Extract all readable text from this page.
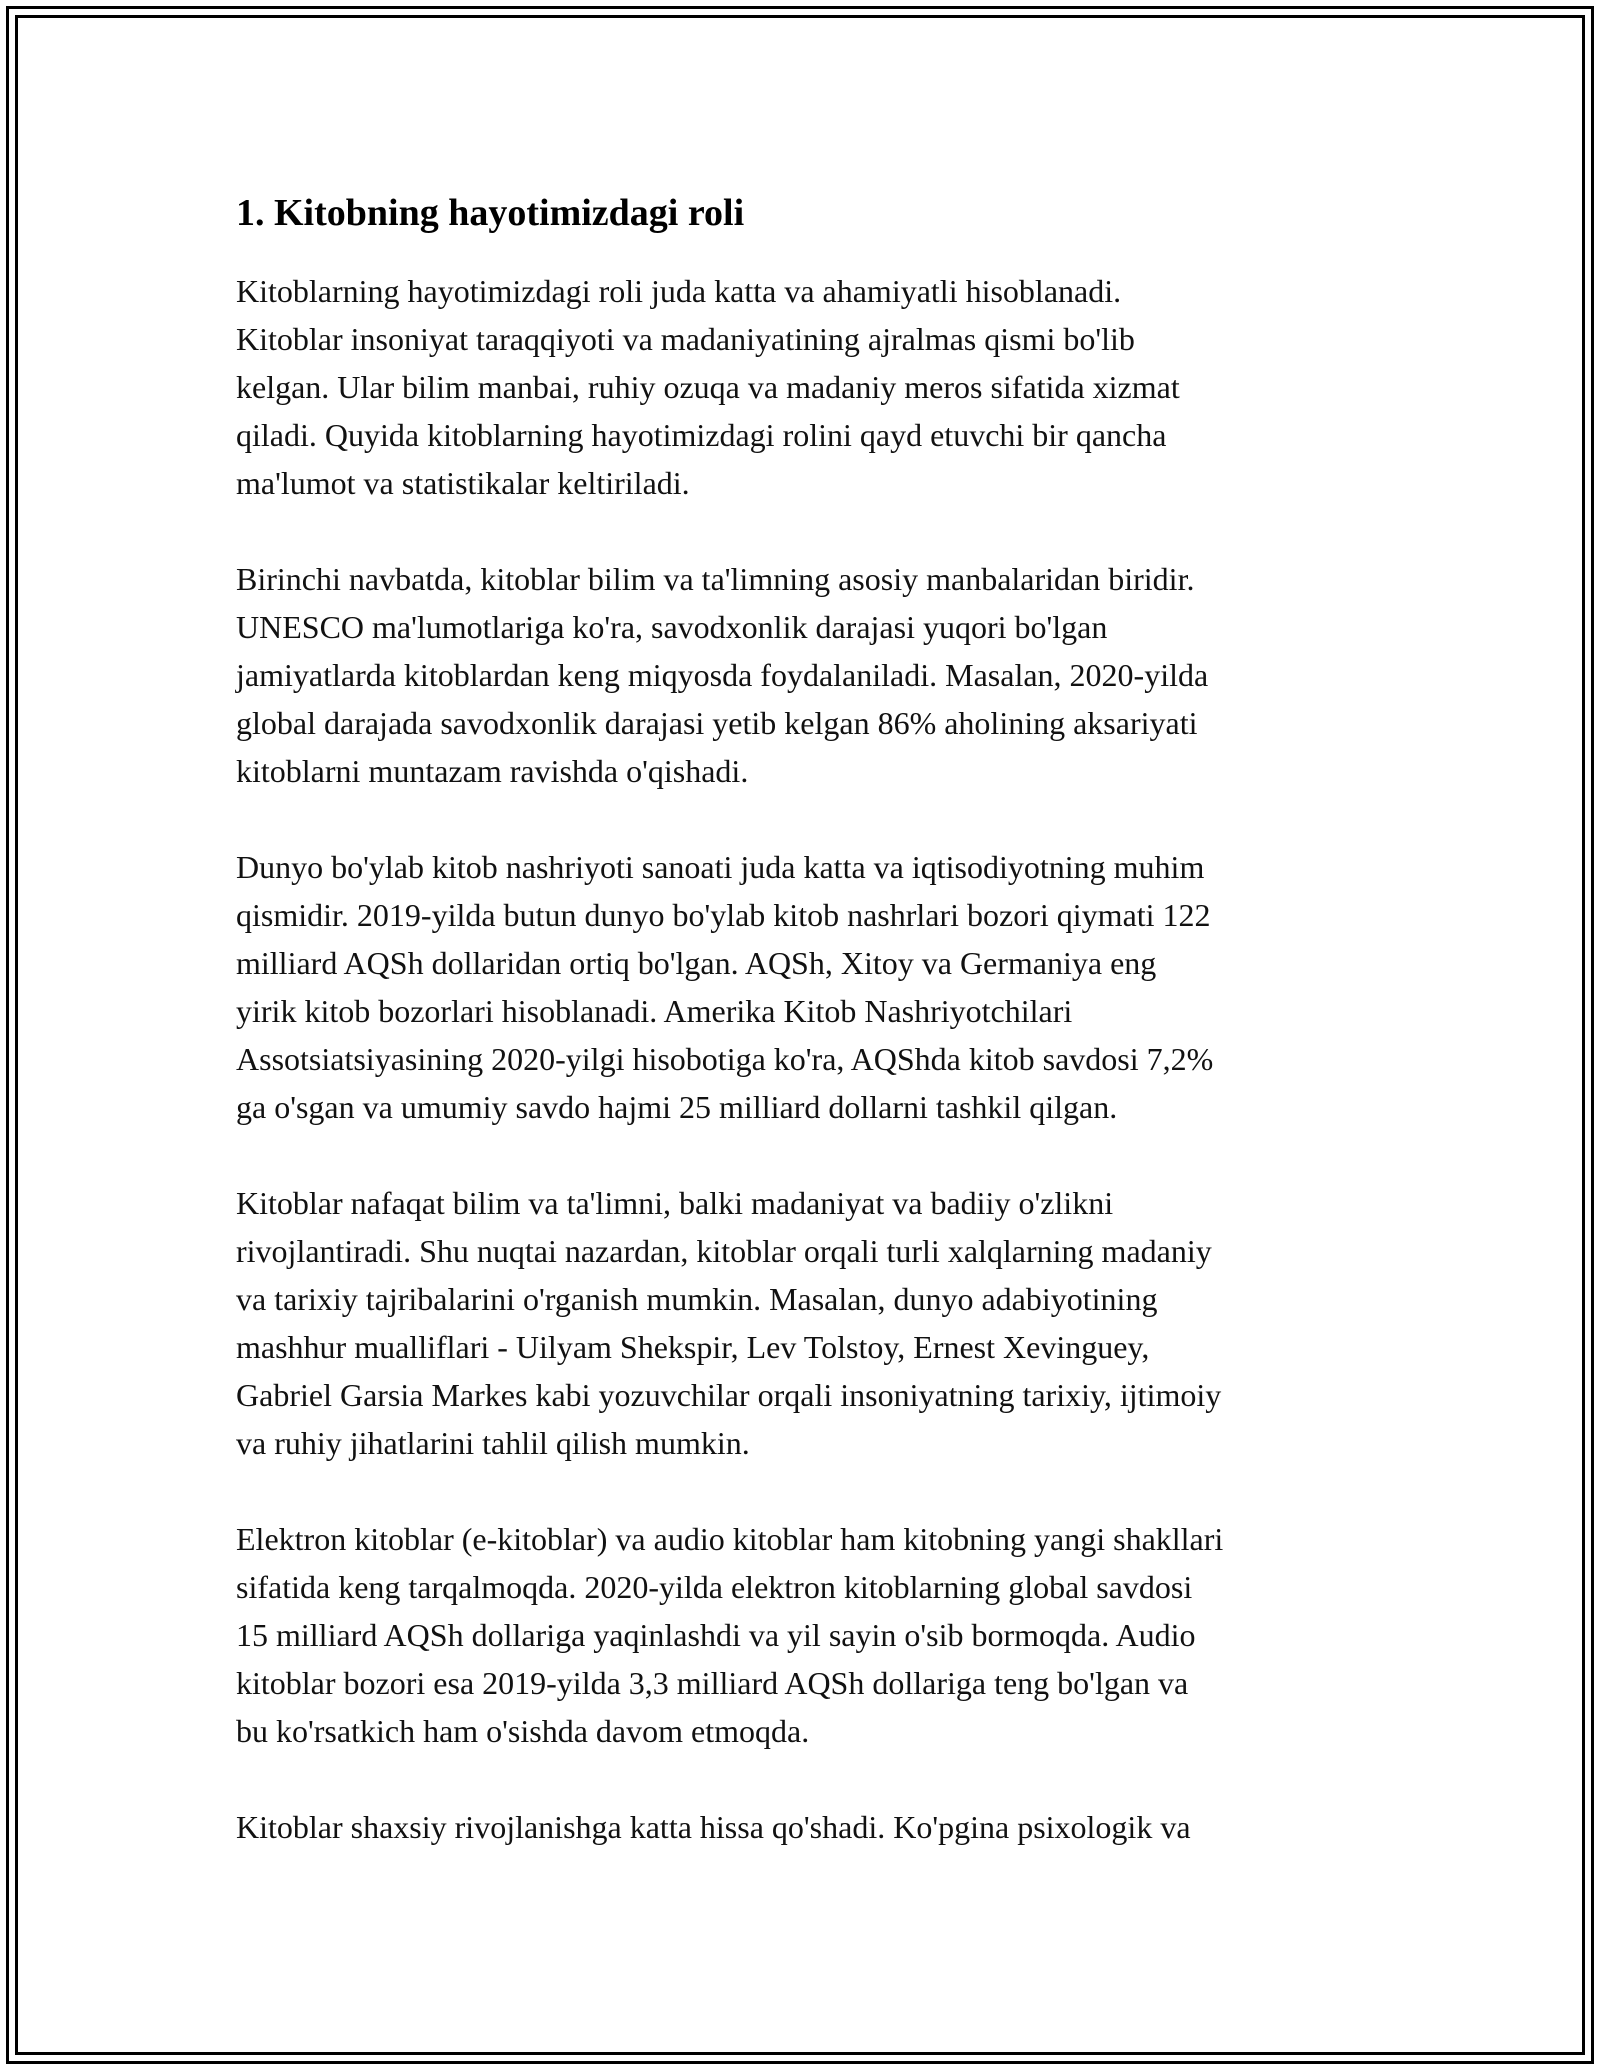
1. Kitobning hayotimizdagi roli

Kitoblarning hayotimizdagi roli juda katta va ahamiyatli hisoblanadi.
Kitoblar insoniyat taraqqiyoti va madaniyatining ajralmas qismi bo'lib
kelgan. Ular bilim manbai, ruhiy ozuqa va madaniy meros sifatida xizmat
qiladi. Quyida kitoblarning hayotimizdagi rolini qayd etuvchi bir qancha
ma'lumot va statistikalar keltiriladi.

Birinchi navbatda, kitoblar bilim va ta'limning asosiy manbalaridan biridir.
UNESCO ma'lumotlariga ko'ra, savodxonlik darajasi yuqori bo'lgan
jamiyatlarda kitoblardan keng miqyosda foydalaniladi. Masalan, 2020-yilda
global darajada savodxonlik darajasi yetib kelgan 86% aholining aksariyati
kitoblarni muntazam ravishda o'qishadi.

Dunyo bo'ylab kitob nashriyoti sanoati juda katta va iqtisodiyotning muhim
qismidir. 2019-yilda butun dunyo bo'ylab kitob nashrlari bozori qiymati 122
milliard AQSh dollaridan ortiq bo'lgan. AQSh, Xitoy va Germaniya eng
yirik kitob bozorlari hisoblanadi. Amerika Kitob Nashriyotchilari
Assotsiatsiyasining 2020-yilgi hisobotiga ko'ra, AQShda kitob savdosi 7,2%
ga o'sgan va umumiy savdo hajmi 25 milliard dollarni tashkil qilgan.

Kitoblar nafaqat bilim va ta'limni, balki madaniyat va badiiy o'zlikni
rivojlantiradi. Shu nuqtai nazardan, kitoblar orqali turli xalqlarning madaniy
va tarixiy tajribalarini o'rganish mumkin. Masalan, dunyo adabiyotining
mashhur mualliflari - Uilyam Shekspir, Lev Tolstoy, Ernest Xevinguey,
Gabriel Garsia Markes kabi yozuvchilar orqali insoniyatning tarixiy, ijtimoiy
va ruhiy jihatlarini tahlil qilish mumkin.

Elektron kitoblar (e-kitoblar) va audio kitoblar ham kitobning yangi shakllari
sifatida keng tarqalmoqda. 2020-yilda elektron kitoblarning global savdosi
15 milliard AQSh dollariga yaqinlashdi va yil sayin o'sib bormoqda. Audio
kitoblar bozori esa 2019-yilda 3,3 milliard AQSh dollariga teng bo'lgan va
bu ko'rsatkich ham o'sishda davom etmoqda.

Kitoblar shaxsiy rivojlanishga katta hissa qo'shadi. Ko'pgina psixologik va
